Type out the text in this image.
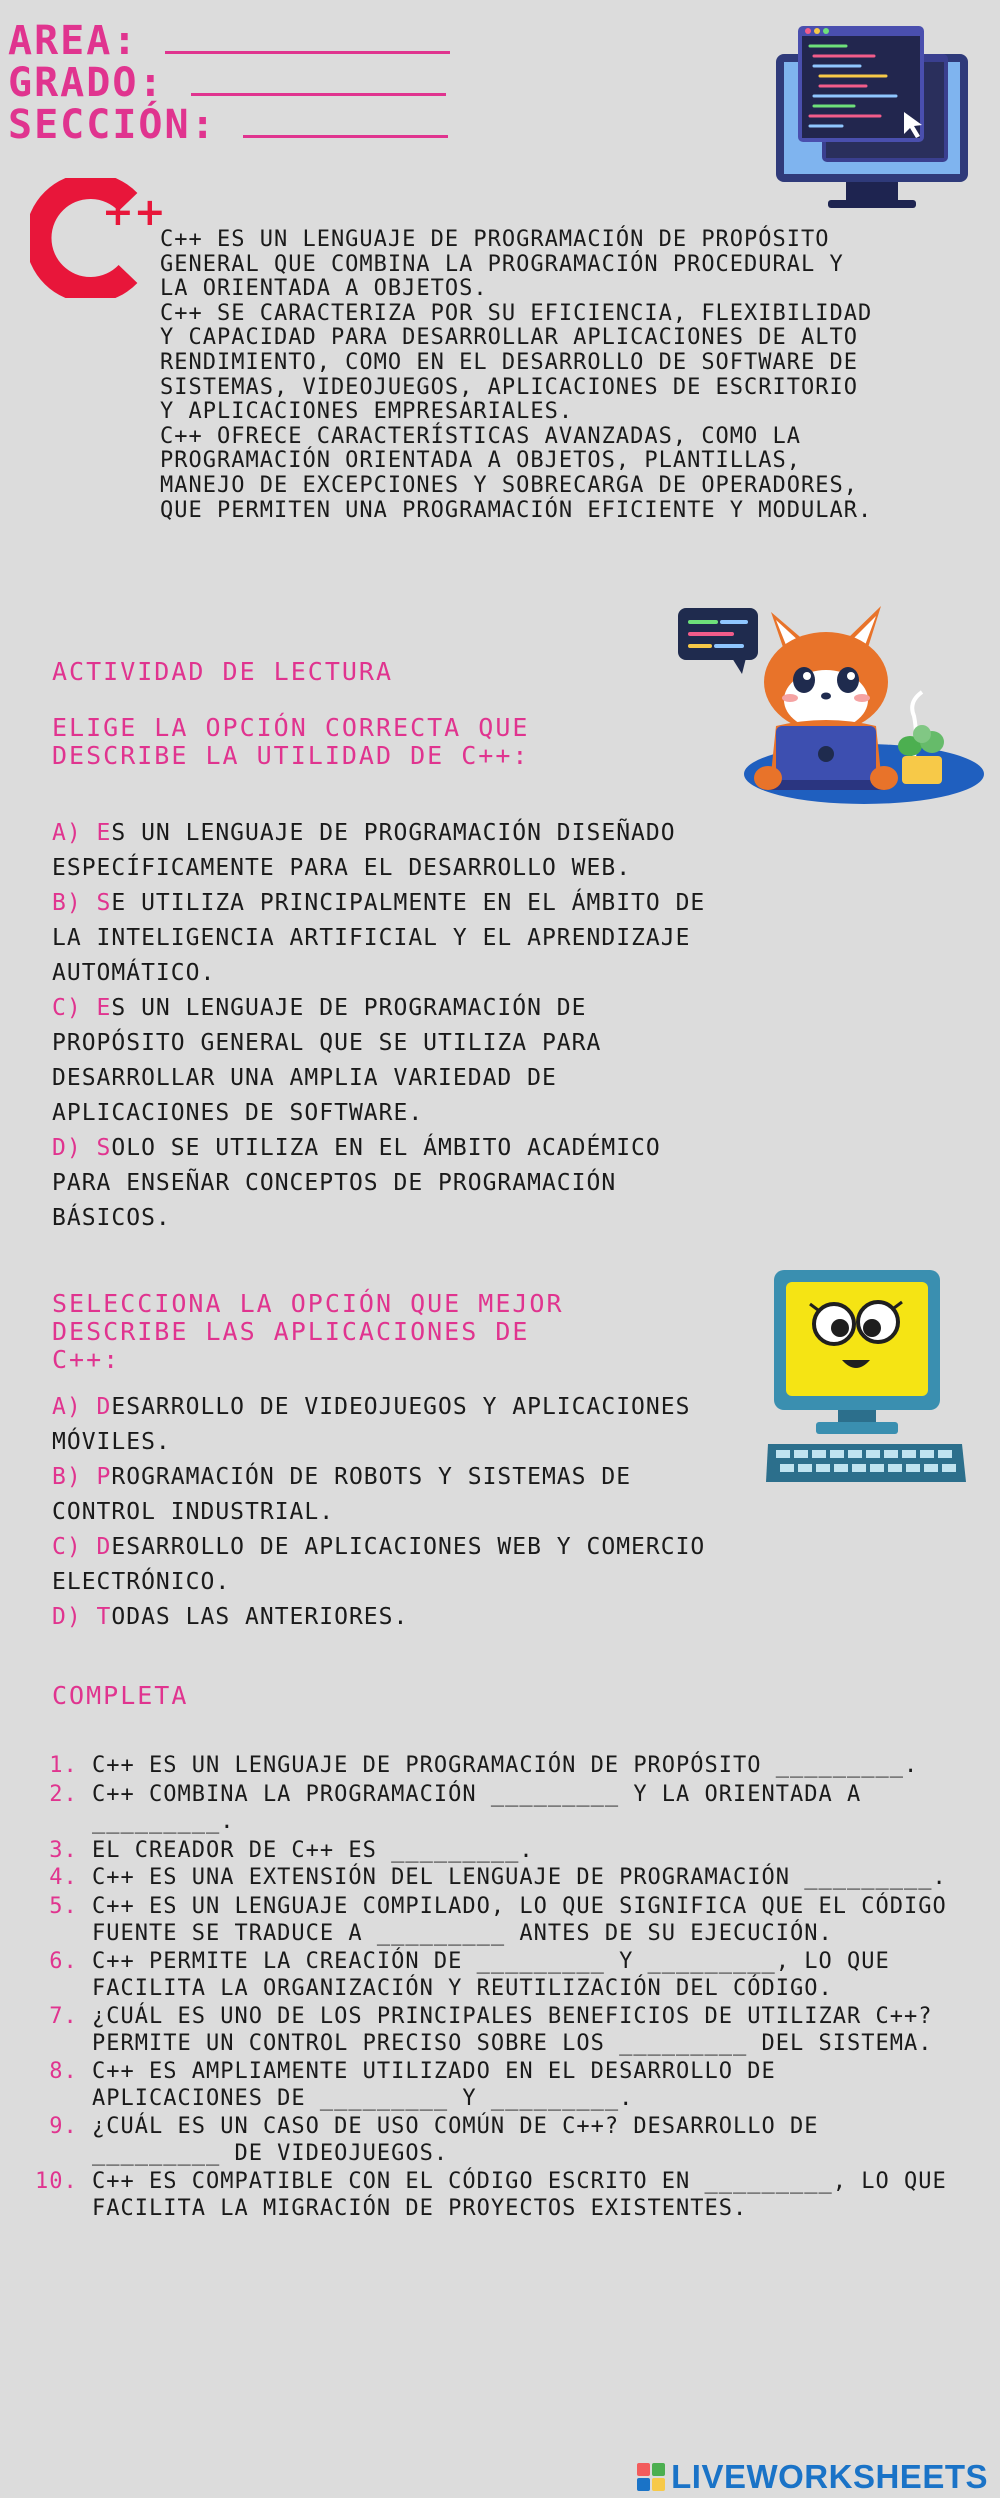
AREA:
GRADO:
SECCIÓN:
++

C++ ES UN LENGUAJE DE PROGRAMACIÓN DE PROPÓSITO GENERAL QUE COMBINA LA PROGRAMACIÓN PROCEDURAL Y LA ORIENTADA A OBJETOS.

C++ SE CARACTERIZA POR SU EFICIENCIA, FLEXIBILIDAD Y CAPACIDAD PARA DESARROLLAR APLICACIONES DE ALTO RENDIMIENTO, COMO EN EL DESARROLLO DE SOFTWARE DE SISTEMAS, VIDEOJUEGOS, APLICACIONES DE ESCRITORIO Y APLICACIONES EMPRESARIALES.

C++ OFRECE CARACTERÍSTICAS AVANZADAS, COMO LA PROGRAMACIÓN ORIENTADA A OBJETOS, PLANTILLAS, MANEJO DE EXCEPCIONES Y SOBRECARGA DE OPERADORES, QUE PERMITEN UNA PROGRAMACIÓN EFICIENTE Y MODULAR.

ACTIVIDAD DE LECTURA
ELIGE LA OPCIÓN CORRECTA QUE DESCRIBE LA UTILIDAD DE C++:

A) ES UN LENGUAJE DE PROGRAMACIÓN DISEÑADO ESPECÍFICAMENTE PARA EL DESARROLLO WEB.

B) SE UTILIZA PRINCIPALMENTE EN EL ÁMBITO DE LA INTELIGENCIA ARTIFICIAL Y EL APRENDIZAJE AUTOMÁTICO.

C) ES UN LENGUAJE DE PROGRAMACIÓN DE PROPÓSITO GENERAL QUE SE UTILIZA PARA DESARROLLAR UNA AMPLIA VARIEDAD DE APLICACIONES DE SOFTWARE.

D) SOLO SE UTILIZA EN EL ÁMBITO ACADÉMICO PARA ENSEÑAR CONCEPTOS DE PROGRAMACIÓN BÁSICOS.

SELECCIONA LA OPCIÓN QUE MEJOR DESCRIBE LAS APLICACIONES DE C++:

A) DESARROLLO DE VIDEOJUEGOS Y APLICACIONES MÓVILES.

B) PROGRAMACIÓN DE ROBOTS Y SISTEMAS DE CONTROL INDUSTRIAL.

C) DESARROLLO DE APLICACIONES WEB Y COMERCIO ELECTRÓNICO.

D) TODAS LAS ANTERIORES.

COMPLETA
1. C++ ES UN LENGUAJE DE PROGRAMACIÓN DE PROPÓSITO _________.
2. C++ COMBINA LA PROGRAMACIÓN _________ Y LA ORIENTADA A _________.
3. EL CREADOR DE C++ ES _________.
4. C++ ES UNA EXTENSIÓN DEL LENGUAJE DE PROGRAMACIÓN _________.
5. C++ ES UN LENGUAJE COMPILADO, LO QUE SIGNIFICA QUE EL CÓDIGO FUENTE SE TRADUCE A _________ ANTES DE SU EJECUCIÓN.
6. C++ PERMITE LA CREACIÓN DE _________ Y _________, LO QUE FACILITA LA ORGANIZACIÓN Y REUTILIZACIÓN DEL CÓDIGO.
7. ¿CUÁL ES UNO DE LOS PRINCIPALES BENEFICIOS DE UTILIZAR C++? PERMITE UN CONTROL PRECISO SOBRE LOS _________ DEL SISTEMA.
8. C++ ES AMPLIAMENTE UTILIZADO EN EL DESARROLLO DE APLICACIONES DE _________ Y _________.
9. ¿CUÁL ES UN CASO DE USO COMÚN DE C++? DESARROLLO DE _________ DE VIDEOJUEGOS.
10. C++ ES COMPATIBLE CON EL CÓDIGO ESCRITO EN _________, LO QUE FACILITA LA MIGRACIÓN DE PROYECTOS EXISTENTES.
LIVEWORKSHEETS
